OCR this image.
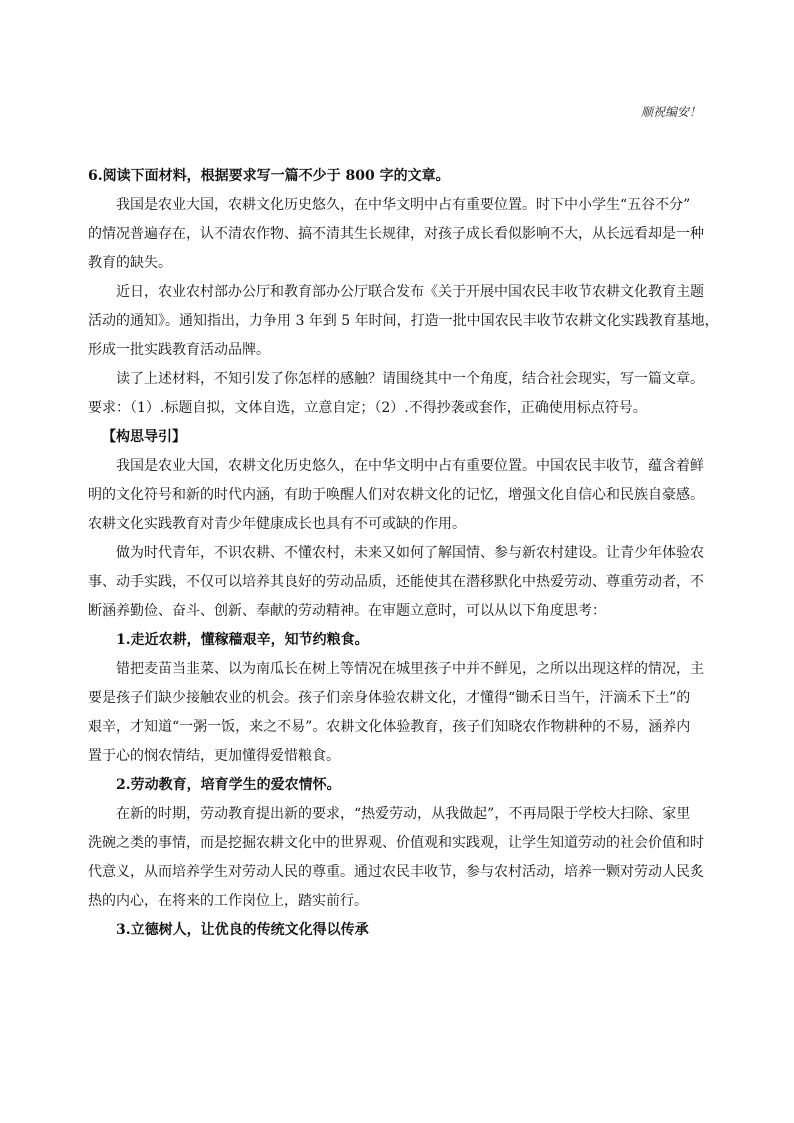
顺祝编安！
6.阅读下面材料，根据要求写一篇不少于 800 字的文章。
我国是农业大国，农耕文化历史悠久，在中华文明中占有重要位置。时下中小学生“五谷不分”
的情况普遍存在，认不清农作物、搞不清其生长规律，对孩子成长看似影响不大，从长远看却是一种
教育的缺失。
近日，农业农村部办公厅和教育部办公厅联合发布《关于开展中国农民丰收节农耕文化教育主题
活动的通知》。通知指出，力争用 3 年到 5 年时间，打造一批中国农民丰收节农耕文化实践教育基地，
形成一批实践教育活动品牌。
读了上述材料，不知引发了你怎样的感触？请围绕其中一个角度，结合社会现实，写一篇文章。
要求：（1）.标题自拟，文体自选，立意自定；（2）.不得抄袭或套作，正确使用标点符号。
【构思导引】
我国是农业大国，农耕文化历史悠久，在中华文明中占有重要位置。中国农民丰收节，蕴含着鲜
明的文化符号和新的时代内涵，有助于唤醒人们对农耕文化的记忆，增强文化自信心和民族自豪感。
农耕文化实践教育对青少年健康成长也具有不可或缺的作用。
做为时代青年，不识农耕、不懂农村，未来又如何了解国情、参与新农村建设。让青少年体验农
事、动手实践，不仅可以培养其良好的劳动品质，还能使其在潜移默化中热爱劳动、尊重劳动者，不
断涵养勤俭、奋斗、创新、奉献的劳动精神。在审题立意时，可以从以下角度思考：
1.走近农耕，懂稼穑艰辛，知节约粮食。
错把麦苗当韭菜、以为南瓜长在树上等情况在城里孩子中并不鲜见，之所以出现这样的情况，主
要是孩子们缺少接触农业的机会。孩子们亲身体验农耕文化，才懂得“锄禾日当午，汗滴禾下土”的
艰辛，才知道“一粥一饭，来之不易”。农耕文化体验教育，孩子们知晓农作物耕种的不易，涵养内
置于心的悯农情结，更加懂得爱惜粮食。
2.劳动教育，培育学生的爱农情怀。
在新的时期，劳动教育提出新的要求，“热爱劳动，从我做起”，不再局限于学校大扫除、家里
洗碗之类的事情，而是挖掘农耕文化中的世界观、价值观和实践观，让学生知道劳动的社会价值和时
代意义，从而培养学生对劳动人民的尊重。通过农民丰收节，参与农村活动，培养一颗对劳动人民炙
热的内心，在将来的工作岗位上，踏实前行。
3.立德树人，让优良的传统文化得以传承
